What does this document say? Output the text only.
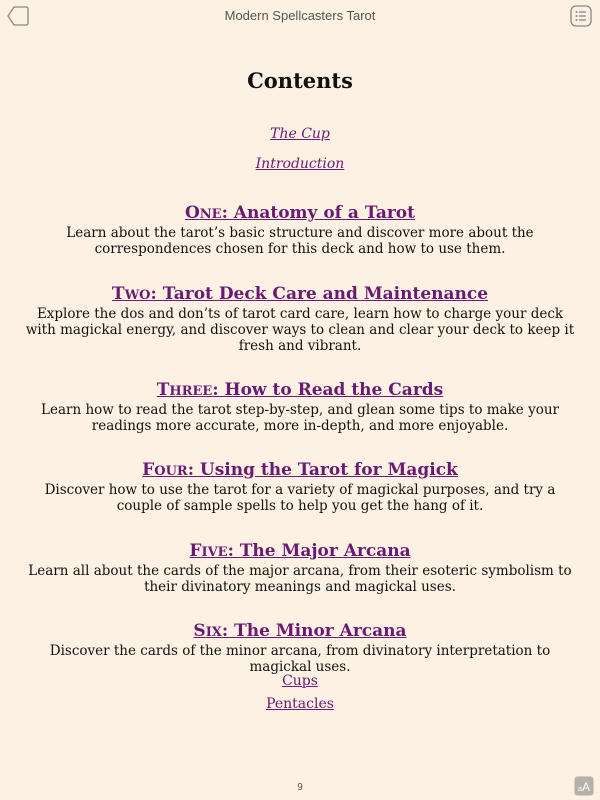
Modern Spellcasters Tarot
Contents
The Cup
Introduction
ONE: Anatomy of a Tarot
Learn about the tarot’s basic structure and discover more about the correspondences chosen for this deck and how to use them.
TWO: Tarot Deck Care and Maintenance
Explore the dos and don’ts of tarot card care, learn how to charge your deck with magickal energy, and discover ways to clean and clear your deck to keep it fresh and vibrant.
THREE: How to Read the Cards
Learn how to read the tarot step-by-step, and glean some tips to make your readings more accurate, more in-depth, and more enjoyable.
FOUR: Using the Tarot for Magick
Discover how to use the tarot for a variety of magickal purposes, and try a couple of sample spells to help you get the hang of it.
FIVE: The Major Arcana
Learn all about the cards of the major arcana, from their esoteric symbolism to their divinatory meanings and magickal uses.
SIX: The Minor Arcana
Discover the cards of the minor arcana, from divinatory interpretation to magickal uses.
Cups
Pentacles
9	a A
